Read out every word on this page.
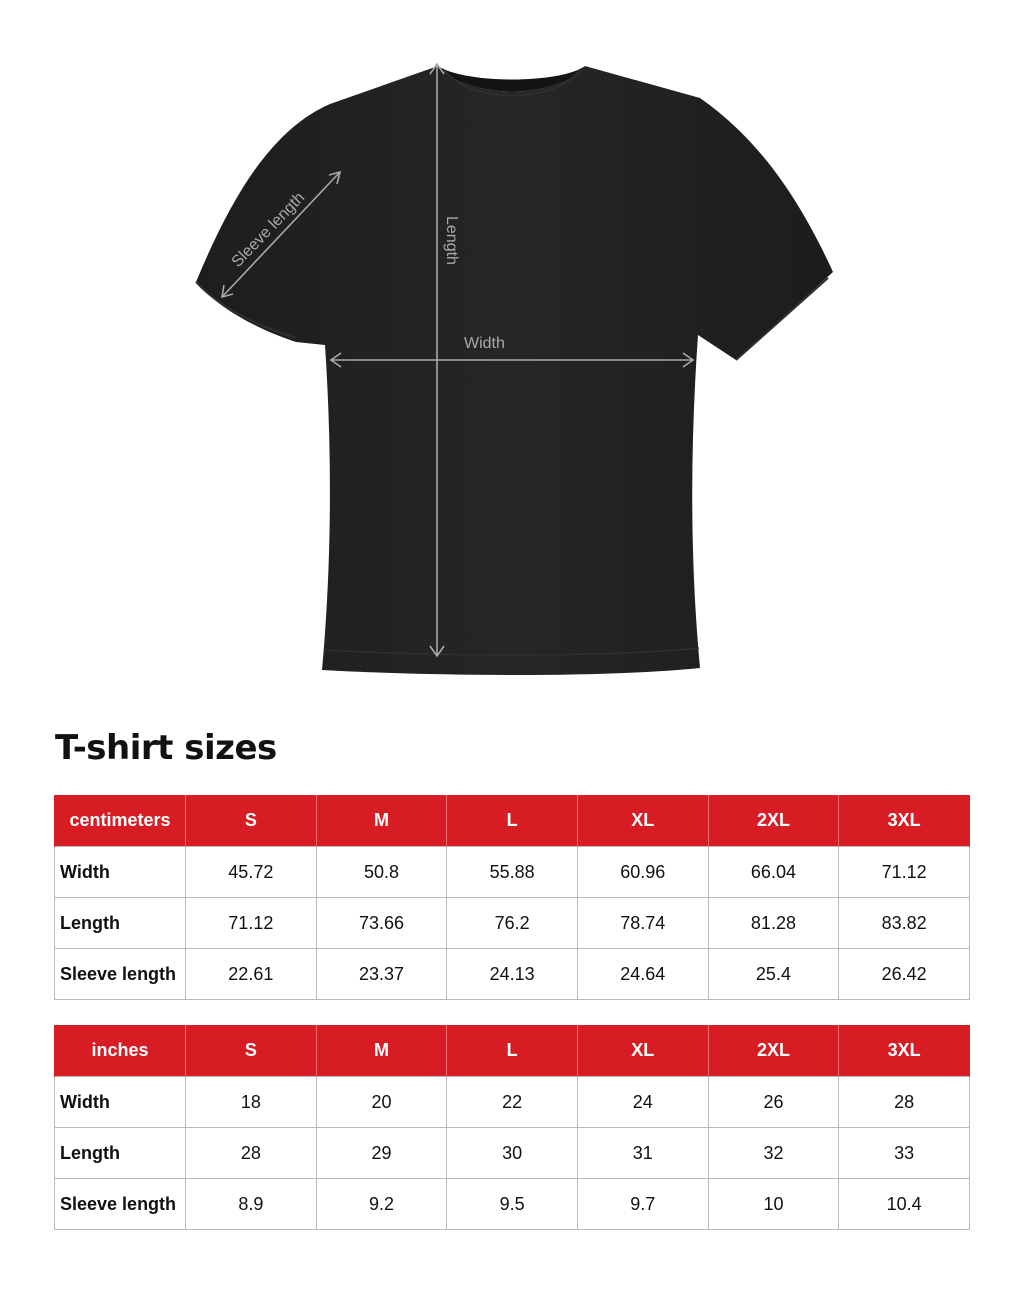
Sleeve length	Length
Width
T-shirt sizes
centimeters	S	M	L	XL	2XL	3XL
Width	45.72	50.8	55.88	60.96	66.04	71.12
Length	71.12	73.66	76.2	78.74	81.28	83.82
Sleeve length	22.61	23.37	24.13	24.64	25.4	26.42
inches	S	M	L	XL	2XL	3XL
Width	18	20	22	24	26	28
Length	28	29	30	31	32	33
Sleeve length	8.9	9.2	9.5	9.7	10	10.4
